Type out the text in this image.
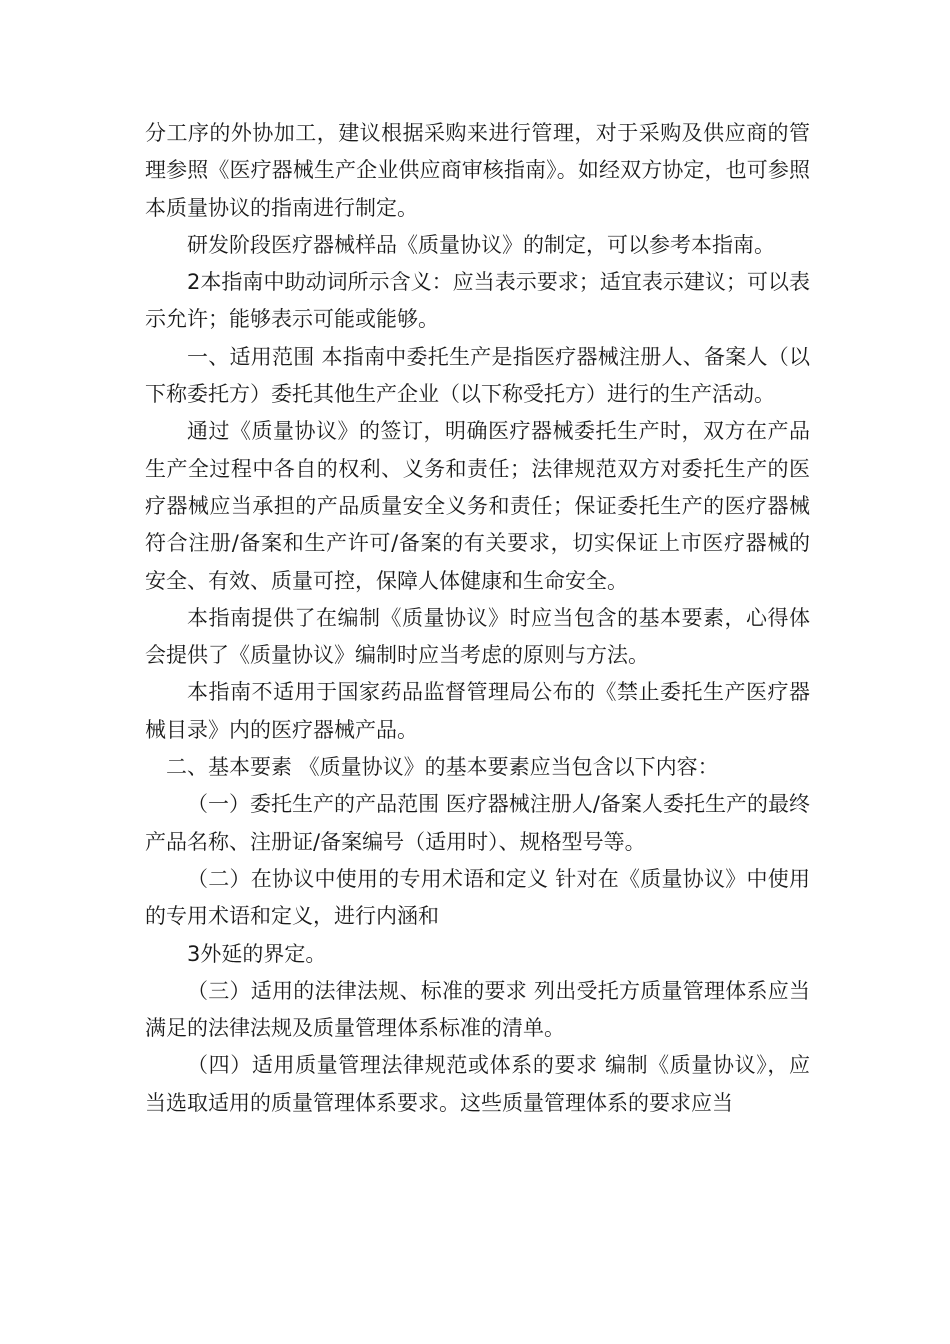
分工序的外协加工，建议根据采购来进行管理，对于采购及供应商的管理参照《医疗器械生产企业供应商审核指南》。如经双方协定，也可参照本质量协议的指南进行制定。

研发阶段医疗器械样品《质量协议》的制定，可以参考本指南。

2本指南中助动词所示含义：应当表示要求；适宜表示建议；可以表示允许；能够表示可能或能够。

一、适用范围 本指南中委托生产是指医疗器械注册人、备案人（以下称委托方）委托其他生产企业（以下称受托方）进行的生产活动。

通过《质量协议》的签订，明确医疗器械委托生产时，双方在产品生产全过程中各自的权利、义务和责任；法律规范双方对委托生产的医疗器械应当承担的产品质量安全义务和责任；保证委托生产的医疗器械符合注册/备案和生产许可/备案的有关要求，切实保证上市医疗器械的安全、有效、质量可控，保障人体健康和生命安全。

本指南提供了在编制《质量协议》时应当包含的基本要素，心得体会提供了《质量协议》编制时应当考虑的原则与方法。

本指南不适用于国家药品监督管理局公布的《禁止委托生产医疗器械目录》内的医疗器械产品。

二、基本要素 《质量协议》的基本要素应当包含以下内容：

（一）委托生产的产品范围 医疗器械注册人/备案人委托生产的最终产品名称、注册证/备案编号（适用时）、规格型号等。

（二）在协议中使用的专用术语和定义 针对在《质量协议》中使用的专用术语和定义，进行内涵和

3外延的界定。

（三）适用的法律法规、标准的要求 列出受托方质量管理体系应当满足的法律法规及质量管理体系标准的清单。

（四）适用质量管理法律规范或体系的要求 编制《质量协议》，应当选取适用的质量管理体系要求。这些质量管理体系的要求应当
